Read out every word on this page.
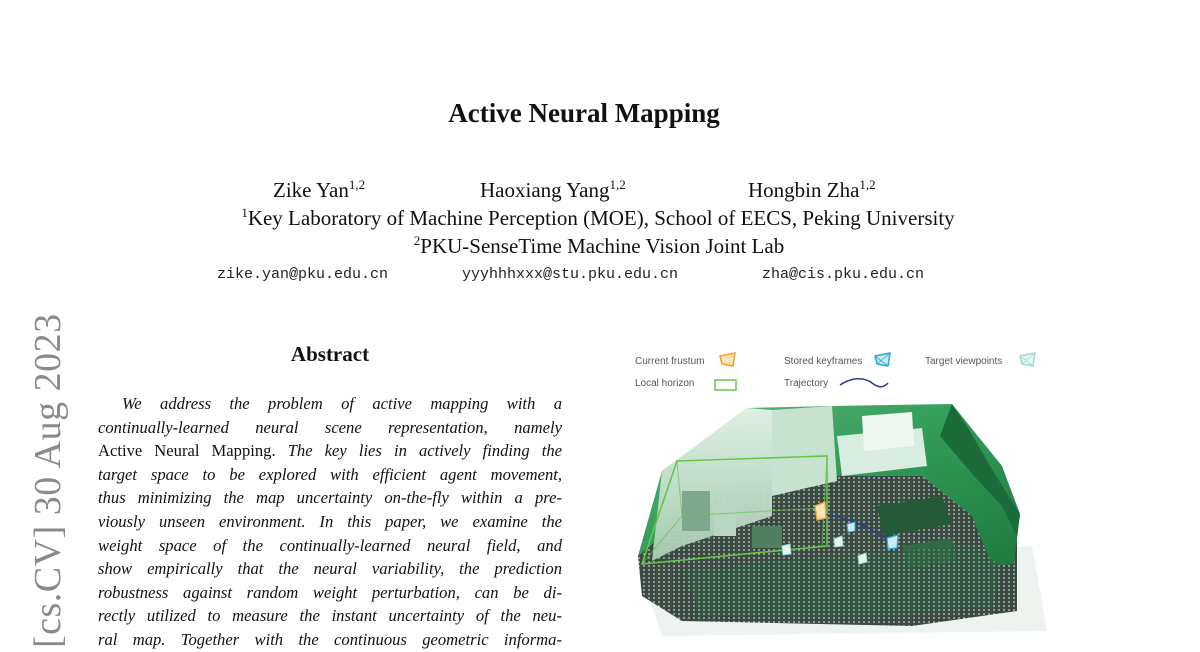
[cs.CV] 30 Aug 2023
Active Neural Mapping
Zike Yan$^{1,2}$	Haoxiang Yang$^{1,2}$	Hongbin Zha$^{1,2}$
$^1$Key Laboratory of Machine Perception (MOE), School of EECS, Peking University
$^2$PKU-SenseTime Machine Vision Joint Lab
zike.yan@pku.edu.cn	yyyhhhxxx@stu.pku.edu.cn	zha@cis.pku.edu.cn
Abstract
We address the problem of active mapping with a
continually-learned neural scene representation, namely
Active Neural Mapping. The key lies in actively finding the
target space to be explored with efficient agent movement,
thus minimizing the map uncertainty on-the-fly within a pre-
viously unseen environment. In this paper, we examine the
weight space of the continually-learned neural field, and
show empirically that the neural variability, the prediction
robustness against random weight perturbation, can be di-
rectly utilized to measure the instant uncertainty of the neu-
ral map. Together with the continuous geometric informa-
Current frustum	Stored keyframes	Target viewpoints
Local horizon	Trajectory
